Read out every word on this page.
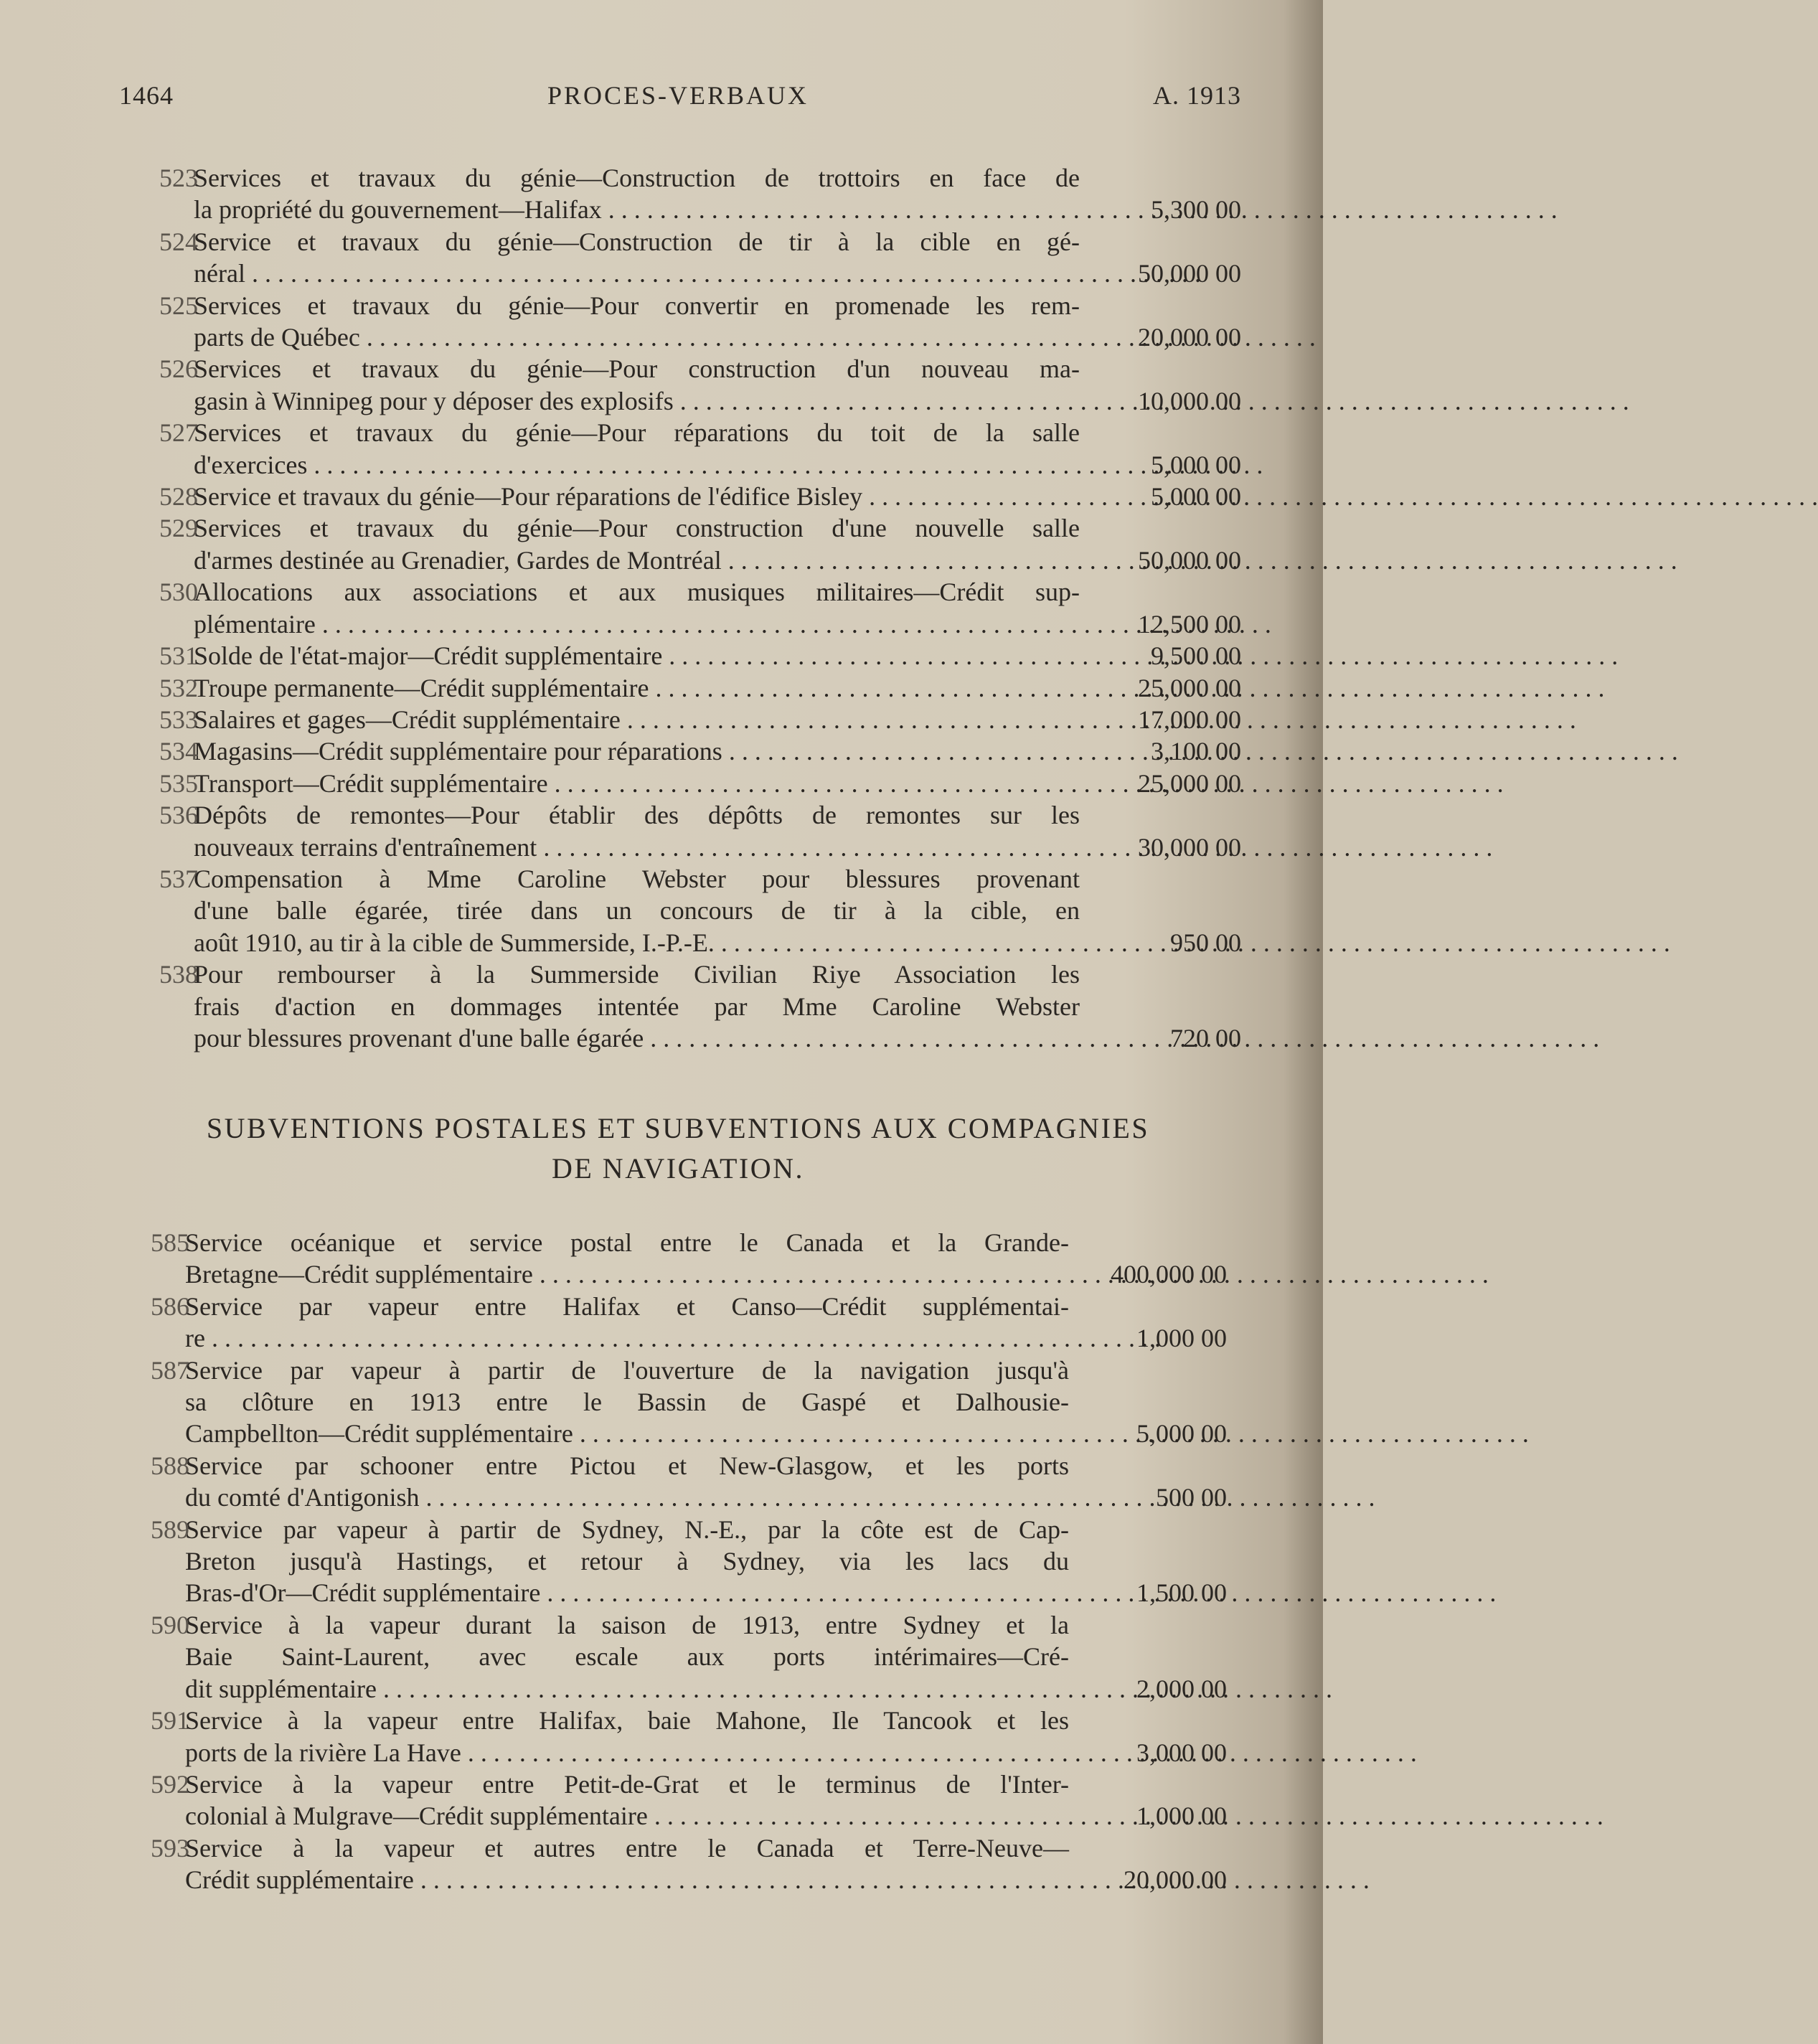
1464	PROCES-VERBAUX	A. 1913
523
Services et travaux du génie—Construction de trottoirs en face de
la propriété du gouvernement—Halifax . . .	5,300 00
524
Service et travaux du génie—Construction de tir à la cible en gé-
néral . . .	50,000 00
525
Services et travaux du génie—Pour convertir en promenade les rem-
parts de Québec . . .	20,000 00
526
Services et travaux du génie—Pour construction d'un nouveau ma-
gasin à Winnipeg pour y déposer des explosifs . . .	10,000 00
527
Services et travaux du génie—Pour réparations du toit de la salle
d'exercices . . .	5,000 00
528
Service et travaux du génie—Pour réparations de l'édifice Bisley . . .	5,000 00
529
Services et travaux du génie—Pour construction d'une nouvelle salle
d'armes destinée au Grenadier, Gardes de Montréal . . .	50,000 00
530
Allocations aux associations et aux musiques militaires—Crédit sup-
plémentaire . . .	12,500 00
531
Solde de l'état-major—Crédit supplémentaire . . .	9,500 00
532
Troupe permanente—Crédit supplémentaire . . .	25,000 00
533
Salaires et gages—Crédit supplémentaire . . .	17,000 00
534
Magasins—Crédit supplémentaire pour réparations . . .	3,100 00
535
Transport—Crédit supplémentaire . . .	25,000 00
536
Dépôts de remontes—Pour établir des dépôtts de remontes sur les
nouveaux terrains d'entraînement . . .	30,000 00
537
Compensation à Mme Caroline Webster pour blessures provenant
d'une balle égarée, tirée dans un concours de tir à la cible, en
août 1910, au tir à la cible de Summerside, I.-P.-E. . . .	950 00
538
Pour rembourser à la Summerside Civilian Riye Association les
frais d'action en dommages intentée par Mme Caroline Webster
pour blessures provenant d'une balle égarée . . .	720 00
SUBVENTIONS POSTALES ET SUBVENTIONS AUX COMPAGNIES
DE NAVIGATION.
585
Service océanique et service postal entre le Canada et la Grande-
Bretagne—Crédit supplémentaire . . .	400,000 00
586
Service par vapeur entre Halifax et Canso—Crédit supplémentai-
re . . .	1,000 00
587
Service par vapeur à partir de l'ouverture de la navigation jusqu'à
sa clôture en 1913 entre le Bassin de Gaspé et Dalhousie-
Campbellton—Crédit supplémentaire . . .	5,000 00
588
Service par schooner entre Pictou et New-Glasgow, et les ports
du comté d'Antigonish . . .	500 00
589
Service par vapeur à partir de Sydney, N.-E., par la côte est de Cap-
Breton jusqu'à Hastings, et retour à Sydney, via les lacs du
Bras-d'Or—Crédit supplémentaire . . .	1,500 00
590
Service à la vapeur durant la saison de 1913, entre Sydney et la
Baie Saint-Laurent, avec escale aux ports intérimaires—Cré-
dit supplémentaire . . .	2,000 00
591
Service à la vapeur entre Halifax, baie Mahone, Ile Tancook et les
ports de la rivière La Have . . .	3,000 00
592
Service à la vapeur entre Petit-de-Grat et le terminus de l'Inter-
colonial à Mulgrave—Crédit supplémentaire . . .	1,000 00
593
Service à la vapeur et autres entre le Canada et Terre-Neuve—
Crédit supplémentaire . . .	20,000 00
